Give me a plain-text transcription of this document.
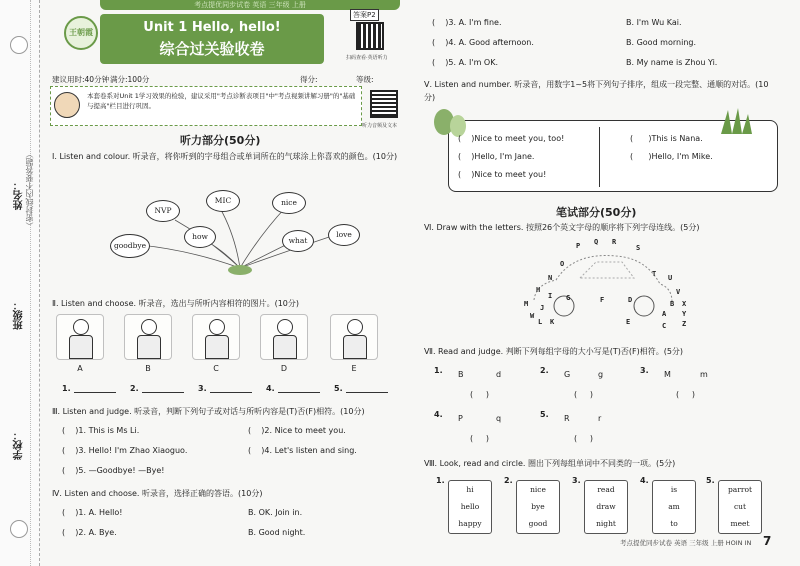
姓名：
班级：
学校：
（密封线内不要答题）
考点提优同步试卷 英语 三年级 上册
答案P2
扫码查看·英语听力
王朝霞	Unit 1 Hello, hello!
综合过关验收卷
建议用时:40分钟 满分:100分	得分:	等级:
本套卷系对Unit 1学习效果的检验，建议采用"考点诊断表项目"中"考点视频讲解习册"的"基础与提高"栏目进行巩固。
听力音频及文本
听力部分(50分)
Ⅰ. Listen and colour. 听录音，将你听到的字母组合或单词所在的气球涂上你喜欢的颜色。(10分)
NVP
MIC	nice
goodbye
how	what
love
Ⅱ. Listen and choose. 听录音，选出与所听内容相符的图片。(10分)
A	B	C	D	E
1.	2.	3.	4.	5.
Ⅲ. Listen and judge. 听录音，判断下列句子或对话与所听内容是(T)否(F)相符。(10分)
(    )1. This is Ms Li.	(    )2. Nice to meet you.
(    )3. Hello! I'm Zhao Xiaoguo.	(    )4. Let's listen and sing.
(    )5. —Goodbye! —Bye!
Ⅳ. Listen and choose. 听录音，选择正确的答语。(10分)
(    )1. A. Hello!	B. OK. Join in.
(    )2. A. Bye.	B. Good night.
(    )3. A. I'm fine.	B. I'm Wu Kai.
(    )4. A. Good afternoon.	B. Good morning.
(    )5. A. I'm OK.	B. My name is Zhou Yi.
Ⅴ. Listen and number. 听录音，用数字1~5将下列句子排序，组成一段完整、通顺的对话。(10分)
(    )Nice to meet you, too!
(    )Hello, I'm Jane.
(    )Nice to meet you!
(      )This is Nana.
(      )Hello, I'm Mike.
笔试部分(50分)
Ⅵ. Draw with the letters. 按照26个英文字母的顺序将下列字母连线。(5分)
P Q R
S
O
T
N	U
H
I	V
M J
G	F	D	B X
A Y
L K	E	Z
C
W
Ⅶ. Read and judge. 判断下列每组字母的大小写是(T)否(F)相符。(5分)
1. B	d
(     )
2. G	g
(     )
3. M	m
(     )
4. P	q
(     )
5. R	r
(     )
Ⅷ. Look, read and circle. 圈出下列每组单词中不同类的一项。(5分)
1.
hi
hello
happy
2.
nice
bye
good
3.
read
draw
night
4.
is
am
to
5.
parrot
cut
meet
考点提优同步试卷 英语 三年级 上册 HOIN IN 7
